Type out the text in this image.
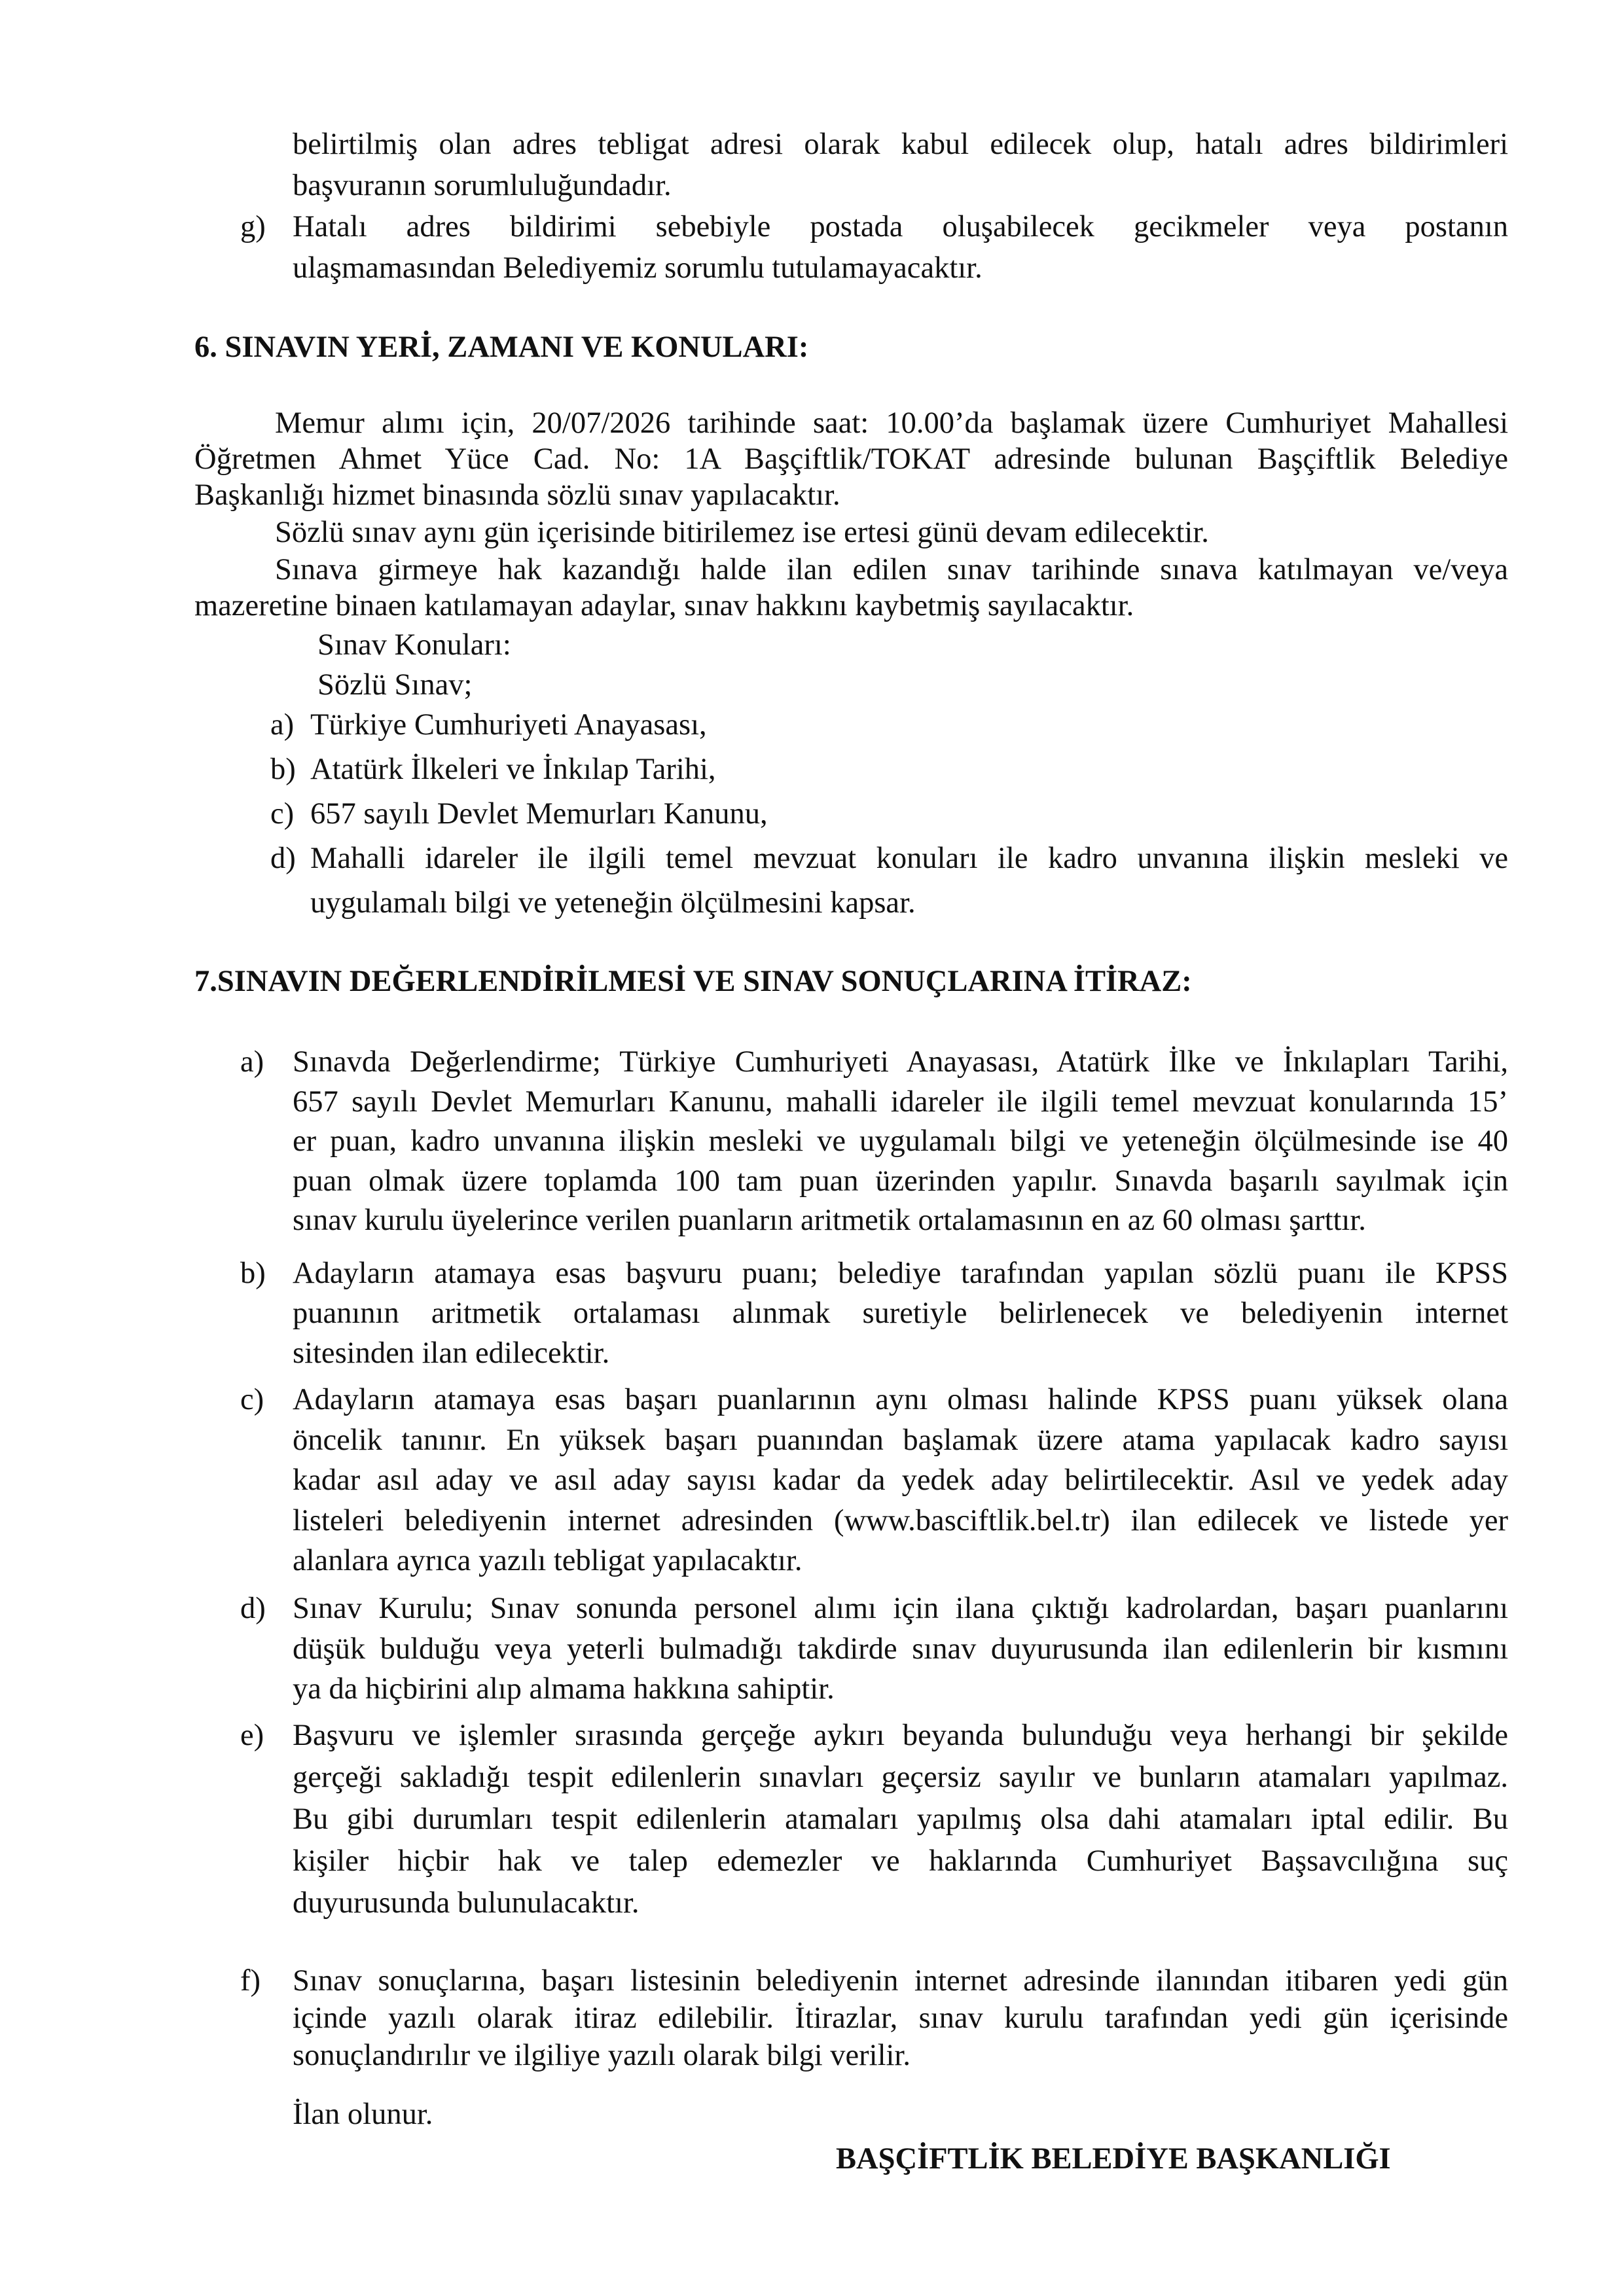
belirtilmiş olan adres tebligat adresi olarak kabul edilecek olup, hatalı adres bildirimleri
başvuranın sorumluluğundadır.
g) Hatalı adres bildirimi sebebiyle postada oluşabilecek gecikmeler veya postanın
ulaşmamasından Belediyemiz sorumlu tutulamayacaktır.
6. SINAVIN YERİ, ZAMANI VE KONULARI:
Memur alımı için, 20/07/2026 tarihinde saat: 10.00’da başlamak üzere Cumhuriyet Mahallesi
Öğretmen Ahmet Yüce Cad. No: 1A Başçiftlik/TOKAT adresinde bulunan Başçiftlik Belediye
Başkanlığı hizmet binasında sözlü sınav yapılacaktır.
Sözlü sınav aynı gün içerisinde bitirilemez ise ertesi günü devam edilecektir.
Sınava girmeye hak kazandığı halde ilan edilen sınav tarihinde sınava katılmayan ve/veya
mazeretine binaen katılamayan adaylar, sınav hakkını kaybetmiş sayılacaktır.
Sınav Konuları:
Sözlü Sınav;
a) Türkiye Cumhuriyeti Anayasası,
b) Atatürk İlkeleri ve İnkılap Tarihi,
c) 657 sayılı Devlet Memurları Kanunu,
d) Mahalli idareler ile ilgili temel mevzuat konuları ile kadro unvanına ilişkin mesleki ve
uygulamalı bilgi ve yeteneğin ölçülmesini kapsar.
7.SINAVIN DEĞERLENDİRİLMESİ VE SINAV SONUÇLARINA İTİRAZ:
a) Sınavda Değerlendirme; Türkiye Cumhuriyeti Anayasası, Atatürk İlke ve İnkılapları Tarihi,
657 sayılı Devlet Memurları Kanunu, mahalli idareler ile ilgili temel mevzuat konularında 15’
er puan, kadro unvanına ilişkin mesleki ve uygulamalı bilgi ve yeteneğin ölçülmesinde ise 40
puan olmak üzere toplamda 100 tam puan üzerinden yapılır. Sınavda başarılı sayılmak için
sınav kurulu üyelerince verilen puanların aritmetik ortalamasının en az 60 olması şarttır.
b) Adayların atamaya esas başvuru puanı; belediye tarafından yapılan sözlü puanı ile KPSS
puanının aritmetik ortalaması alınmak suretiyle belirlenecek ve belediyenin internet
sitesinden ilan edilecektir.
c) Adayların atamaya esas başarı puanlarının aynı olması halinde KPSS puanı yüksek olana
öncelik tanınır. En yüksek başarı puanından başlamak üzere atama yapılacak kadro sayısı
kadar asıl aday ve asıl aday sayısı kadar da yedek aday belirtilecektir. Asıl ve yedek aday
listeleri belediyenin internet adresinden (www.basciftlik.bel.tr) ilan edilecek ve listede yer
alanlara ayrıca yazılı tebligat yapılacaktır.
d) Sınav Kurulu; Sınav sonunda personel alımı için ilana çıktığı kadrolardan, başarı puanlarını
düşük bulduğu veya yeterli bulmadığı takdirde sınav duyurusunda ilan edilenlerin bir kısmını
ya da hiçbirini alıp almama hakkına sahiptir.
e) Başvuru ve işlemler sırasında gerçeğe aykırı beyanda bulunduğu veya herhangi bir şekilde
gerçeği sakladığı tespit edilenlerin sınavları geçersiz sayılır ve bunların atamaları yapılmaz.
Bu gibi durumları tespit edilenlerin atamaları yapılmış olsa dahi atamaları iptal edilir. Bu
kişiler hiçbir hak ve talep edemezler ve haklarında Cumhuriyet Başsavcılığına suç
duyurusunda bulunulacaktır.
f) Sınav sonuçlarına, başarı listesinin belediyenin internet adresinde ilanından itibaren yedi gün
içinde yazılı olarak itiraz edilebilir. İtirazlar, sınav kurulu tarafından yedi gün içerisinde
sonuçlandırılır ve ilgiliye yazılı olarak bilgi verilir.
İlan olunur.
BAŞÇİFTLİK BELEDİYE BAŞKANLIĞI
